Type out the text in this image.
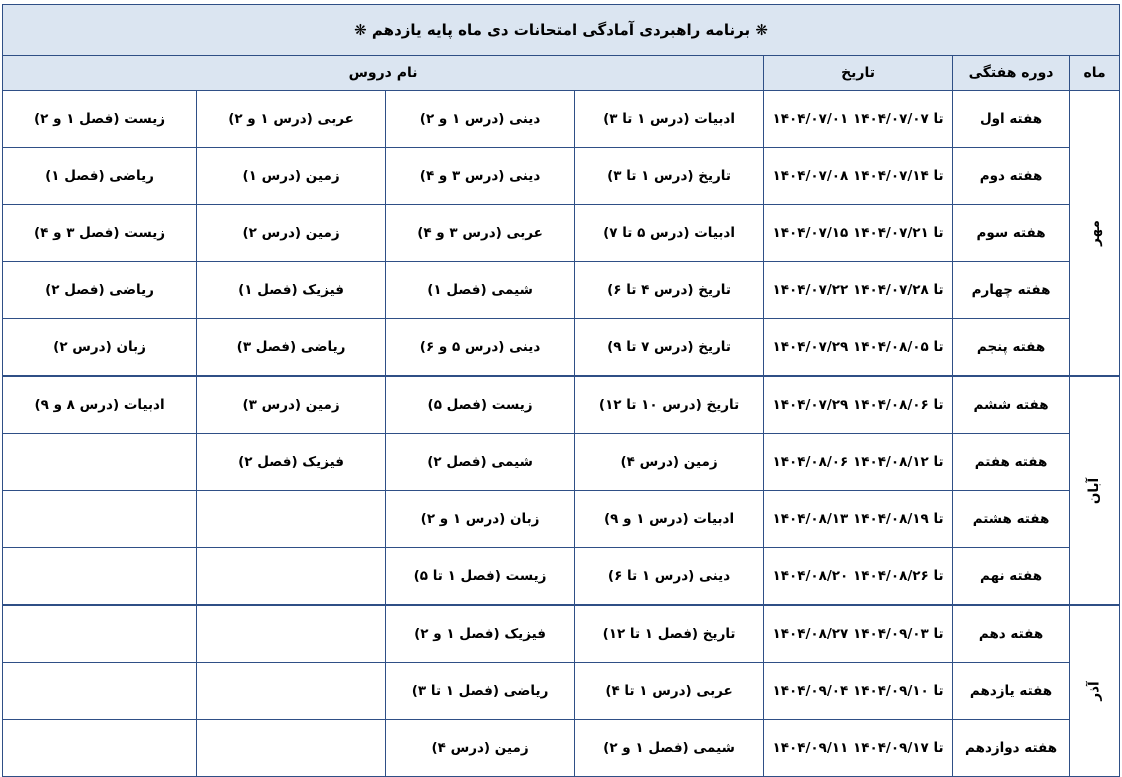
❋ برنامه راهبردی آمادگی امتحانات دی ماه پایه یازدهم ❋						
ماه	دوره هفتگی	تاریخ	نام دروس			
مهر	هفته اول	۱۴۰۴/۰۷/۰۱ تا ۱۴۰۴/۰۷/۰۷	ادبیات (درس ۱ تا ۳)	دینی (درس ۱ و ۲)	عربی (درس ۱ و ۲)	زیست (فصل ۱ و ۲)
	هفته دوم	۱۴۰۴/۰۷/۰۸ تا ۱۴۰۴/۰۷/۱۴	تاریخ (درس ۱ تا ۳)	دینی (درس ۳ و ۴)	زمین (درس ۱)	ریاضی (فصل ۱)
	هفته سوم	۱۴۰۴/۰۷/۱۵ تا ۱۴۰۴/۰۷/۲۱	ادبیات (درس ۵ تا ۷)	عربی (درس ۳ و ۴)	زمین (درس ۲)	زیست (فصل ۳ و ۴)
	هفته چهارم	۱۴۰۴/۰۷/۲۲ تا ۱۴۰۴/۰۷/۲۸	تاریخ (درس ۴ تا ۶)	شیمی (فصل ۱)	فیزیک (فصل ۱)	ریاضی (فصل ۲)
	هفته پنجم	۱۴۰۴/۰۷/۲۹ تا ۱۴۰۴/۰۸/۰۵	تاریخ (درس ۷ تا ۹)	دینی (درس ۵ و ۶)	ریاضی (فصل ۳)	زبان (درس ۲)
آبان	هفته ششم	۱۴۰۴/۰۷/۲۹ تا ۱۴۰۴/۰۸/۰۶	تاریخ (درس ۱۰ تا ۱۲)	زیست (فصل ۵)	زمین (درس ۳)	ادبیات (درس ۸ و ۹)
	هفته هفتم	۱۴۰۴/۰۸/۰۶ تا ۱۴۰۴/۰۸/۱۲	زمین (درس ۴)	شیمی (فصل ۲)	فیزیک (فصل ۲)	
	هفته هشتم	۱۴۰۴/۰۸/۱۳ تا ۱۴۰۴/۰۸/۱۹	ادبیات (درس ۱ و ۹)	زبان (درس ۱ و ۲)		
	هفته نهم	۱۴۰۴/۰۸/۲۰ تا ۱۴۰۴/۰۸/۲۶	دینی (درس ۱ تا ۶)	زیست (فصل ۱ تا ۵)		
آذر	هفته دهم	۱۴۰۴/۰۸/۲۷ تا ۱۴۰۴/۰۹/۰۳	تاریخ (فصل ۱ تا ۱۲)	فیزیک (فصل ۱ و ۲)		
	هفته یازدهم	۱۴۰۴/۰۹/۰۴ تا ۱۴۰۴/۰۹/۱۰	عربی (درس ۱ تا ۴)	ریاضی (فصل ۱ تا ۳)		
	هفته دوازدهم	۱۴۰۴/۰۹/۱۱ تا ۱۴۰۴/۰۹/۱۷	شیمی (فصل ۱ و ۲)	زمین (درس ۴)		
